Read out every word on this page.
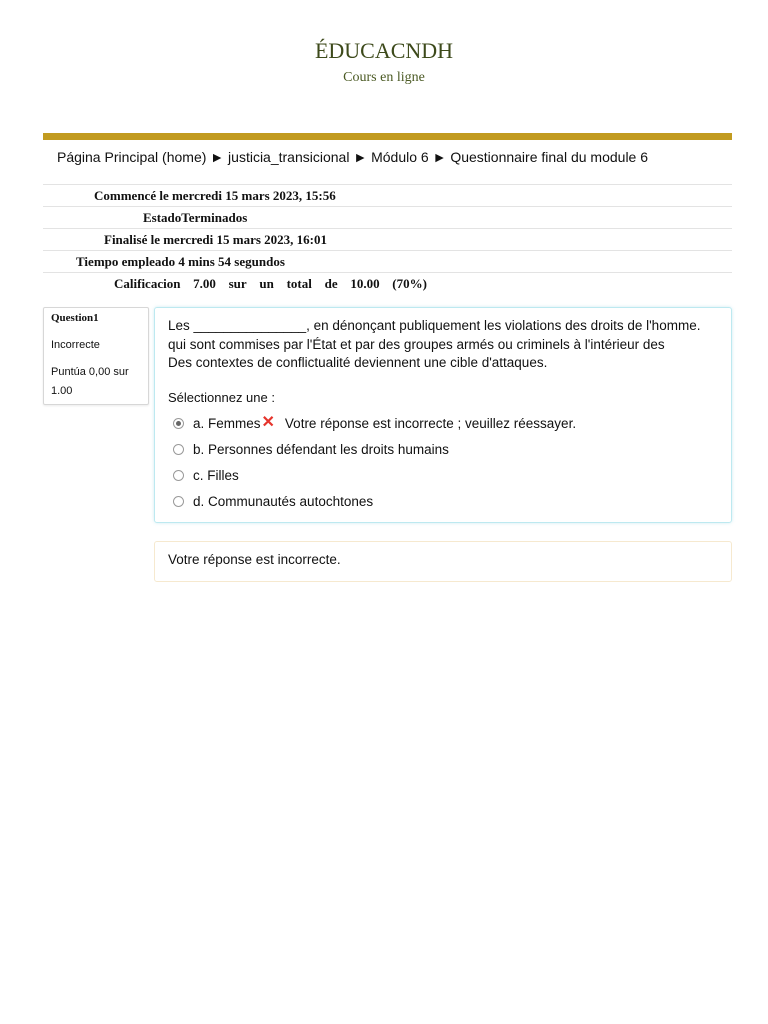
ÉDUCACNDH
Cours en ligne
Página Principal (home) ► justicia_transicional ► Módulo 6 ► Questionnaire final du module 6
Commencé le mercredi 15 mars 2023, 15:56
EstadoTerminados
Finalisé le mercredi 15 mars 2023, 16:01
Tiempo empleado 4 mins 54 segundos
Calificacion 7.00 sur un total de 10.00 (70%)
Question1
Incorrecte
Puntúa 0,00 sur 1.00
Les _______________, en dénonçant publiquement les violations des droits de l'homme.
qui sont commises par l'État et par des groupes armés ou criminels à l'intérieur des
Des contextes de conflictualité deviennent une cible d'attaques.
Sélectionnez une :
a. Femmes ✕ Votre réponse est incorrecte ; veuillez réessayer.
b. Personnes défendant les droits humains
c. Filles
d. Communautés autochtones
Votre réponse est incorrecte.
